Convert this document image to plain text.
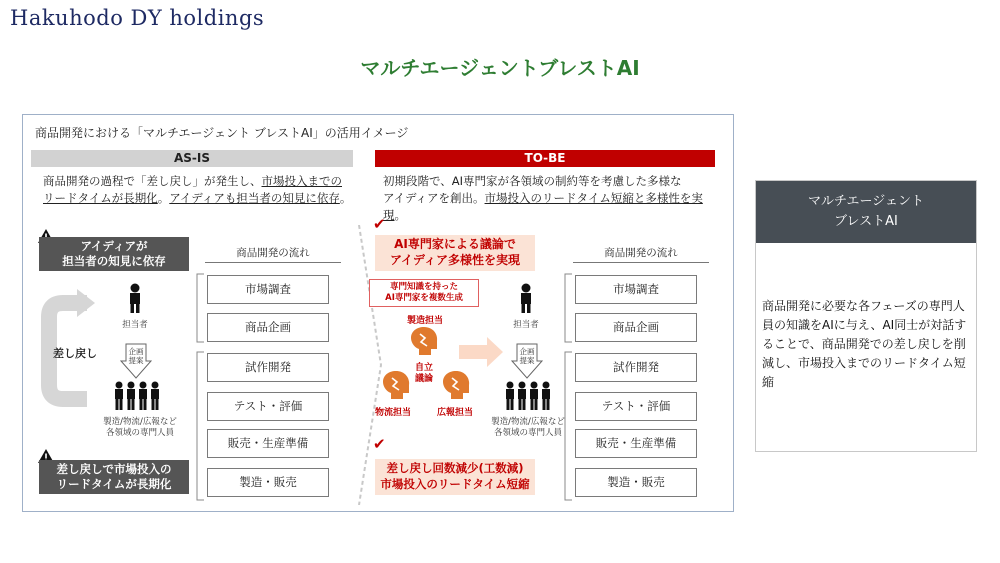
Hakuhodo DY holdings
マルチエージェントブレストAI
商品開発における「マルチエージェント ブレストAI」の活用イメージ
AS-IS	TO-BE
商品開発の過程で「差し戻し」が発生し、市場投入までの
リードタイムが長期化。アイディアも担当者の知見に依存。
初期段階で、AI専門家が各領域の制約等を考慮した多様な
アイディアを創出。市場投入のリードタイム短縮と多様性を実現。
アイディアが
担当者の知見に依存
差し戻し
担当者
企画
提案
製造/物流/広報など
各領域の専門人員
差し戻しで市場投入の
リードタイムが長期化
商品開発の流れ
市場調査
商品企画
試作開発
テスト・評価
販売・生産準備
製造・販売
✔
AI専門家による議論で
アイディア多様性を実現
専門知識を持った
AI専門家を複数生成
製造担当
自立
議論
物流担当	広報担当
担当者
企画
提案
製造/物流/広報など
各領域の専門人員
✔
差し戻し回数減少(工数減)
市場投入のリードタイム短縮
商品開発の流れ
市場調査
商品企画
試作開発
テスト・評価
販売・生産準備
製造・販売
マルチエージェント
ブレストAI
商品開発に必要な各フェーズの専門人員の知識をAIに与え、AI同士が対話することで、商品開発での差し戻しを削減し、市場投入までのリードタイム短縮
